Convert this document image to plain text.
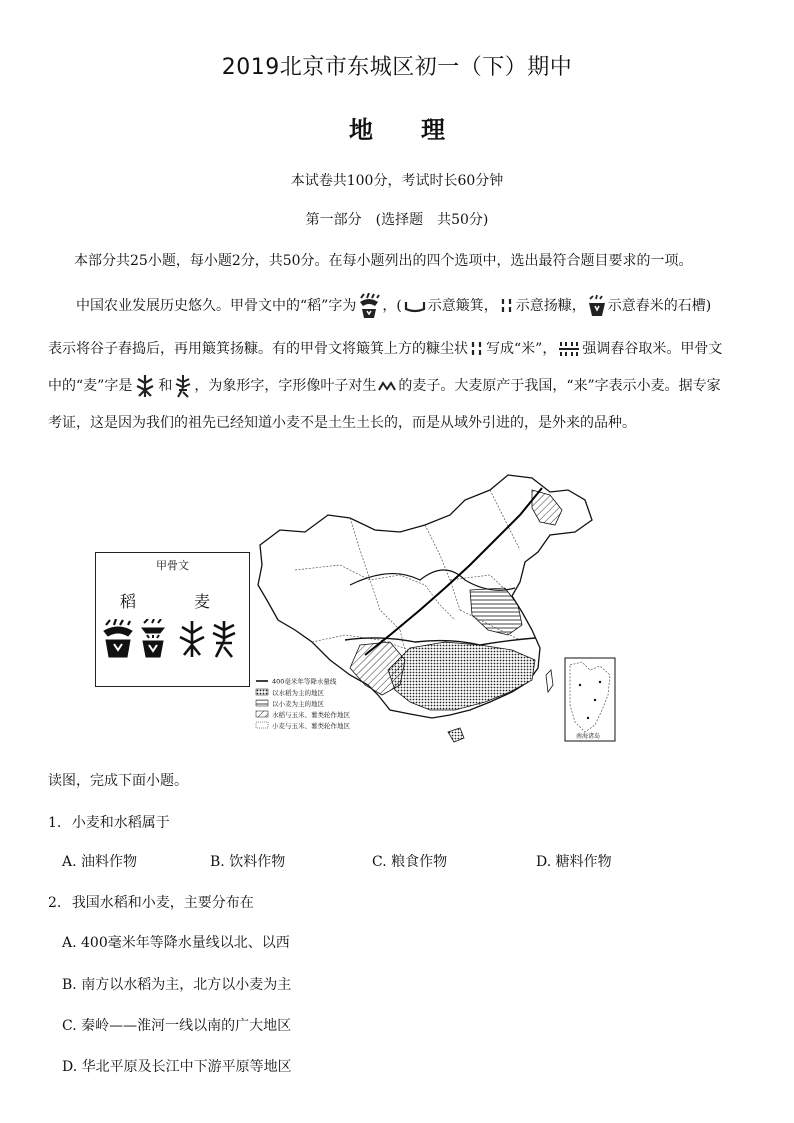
2019北京市东城区初一（下）期中
地　　理
本试卷共100分，考试时长60分钟
第一部分　(选择题　共50分)
本部分共25小题，每小题2分，共50分。在每小题列出的四个选项中，选出最符合题目要求的一项。
中国农业发展历史悠久。甲骨文中的“稻”字为 ，( 示意簸箕， 示意扬糠， 示意舂米的石槽)
表示将谷子舂捣后，再用簸箕扬糠。有的甲骨文将簸箕上方的糠尘状 写成“米”， 强调舂谷取米。甲骨文
中的“麦”字是 和 ，为象形字，字形像叶子对生 的麦子。大麦原产于我国，“来”字表示小麦。据专家
考证，这是因为我们的祖先已经知道小麦不是土生土长的，而是从域外引进的，是外来的品种。
甲骨文
稻	麦
400毫米年等降水量线
以水稻为主的地区
以小麦为主的地区
水稻与玉米、薯类轮作地区
小麦与玉米、薯类轮作地区
南海诸岛
读图，完成下面小题。
1. 小麦和水稻属于
A. 油料作物	B. 饮料作物	C. 粮食作物	D. 糖料作物
2. 我国水稻和小麦，主要分布在
A. 400毫米年等降水量线以北、以西
B. 南方以水稻为主，北方以小麦为主
C. 秦岭——淮河一线以南的广大地区
D. 华北平原及长江中下游平原等地区
